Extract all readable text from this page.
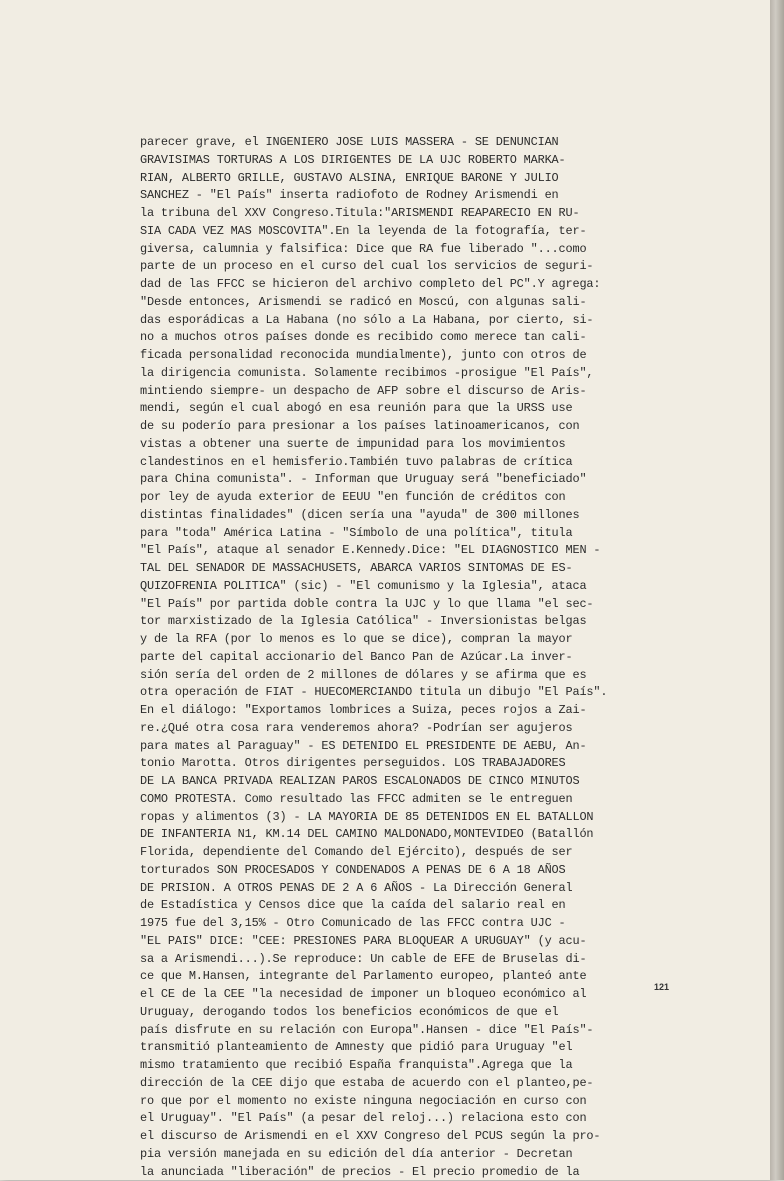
parecer grave, el INGENIERO JOSE LUIS MASSERA - SE DENUNCIAN
GRAVISIMAS TORTURAS A LOS DIRIGENTES DE LA UJC ROBERTO MARKA-
RIAN, ALBERTO GRILLE, GUSTAVO ALSINA, ENRIQUE BARONE Y JULIO
SANCHEZ - "El País" inserta radiofoto de Rodney Arismendi en
la tribuna del XXV Congreso.Titula:"ARISMENDI REAPARECIO EN RU-
SIA CADA VEZ MAS MOSCOVITA".En la leyenda de la fotografía, ter-
giversa, calumnia y falsifica: Dice que RA fue liberado "...como
parte de un proceso en el curso del cual los servicios de seguri-
dad de las FFCC se hicieron del archivo completo del PC".Y agrega:
"Desde entonces, Arismendi se radicó en Moscú, con algunas sali-
das esporádicas a La Habana (no sólo a La Habana, por cierto, si-
no a muchos otros países donde es recibido como merece tan cali-
ficada personalidad reconocida mundialmente), junto con otros de
la dirigencia comunista. Solamente recibimos -prosigue "El País",
mintiendo siempre- un despacho de AFP sobre el discurso de Aris-
mendi, según el cual abogó en esa reunión para que la URSS use
de su poderío para presionar a los países latinoamericanos, con
vistas a obtener una suerte de impunidad para los movimientos
clandestinos en el hemisferio.También tuvo palabras de crítica
para China comunista". - Informan que Uruguay será "beneficiado"
por ley de ayuda exterior de EEUU "en función de créditos con
distintas finalidades" (dicen sería una "ayuda" de 300 millones
para "toda" América Latina - "Símbolo de una política", titula
"El País", ataque al senador E.Kennedy.Dice: "EL DIAGNOSTICO MEN -
TAL DEL SENADOR DE MASSACHUSETS, ABARCA VARIOS SINTOMAS DE ES-
QUIZOFRENIA POLITICA" (sic) - "El comunismo y la Iglesia", ataca
"El País" por partida doble contra la UJC y lo que llama "el sec-
tor marxistizado de la Iglesia Católica" - Inversionistas belgas
y de la RFA (por lo menos es lo que se dice), compran la mayor
parte del capital accionario del Banco Pan de Azúcar.La inver-
sión sería del orden de 2 millones de dólares y se afirma que es
otra operación de FIAT - HUECOMERCIANDO titula un dibujo "El País".
En el diálogo: "Exportamos lombrices a Suiza, peces rojos a Zai-
re.¿Qué otra cosa rara venderemos ahora? -Podrían ser agujeros
para mates al Paraguay" - ES DETENIDO EL PRESIDENTE DE AEBU, An-
tonio Marotta. Otros dirigentes perseguidos. LOS TRABAJADORES
DE LA BANCA PRIVADA REALIZAN PAROS ESCALONADOS DE CINCO MINUTOS
COMO PROTESTA. Como resultado las FFCC admiten se le entreguen
ropas y alimentos (3) - LA MAYORIA DE 85 DETENIDOS EN EL BATALLON
DE INFANTERIA N1, KM.14 DEL CAMINO MALDONADO,MONTEVIDEO (Batallón
Florida, dependiente del Comando del Ejército), después de ser
torturados SON PROCESADOS Y CONDENADOS A PENAS DE 6 A 18 AÑOS
DE PRISION. A OTROS PENAS DE 2 A 6 AÑOS - La Dirección General
de Estadística y Censos dice que la caída del salario real en
1975 fue del 3,15% - Otro Comunicado de las FFCC contra UJC -
"EL PAIS" DICE: "CEE: PRESIONES PARA BLOQUEAR A URUGUAY" (y acu-
sa a Arismendi...).Se reproduce: Un cable de EFE de Bruselas di-
ce que M.Hansen, integrante del Parlamento europeo, planteó ante
el CE de la CEE "la necesidad de imponer un bloqueo económico al
Uruguay, derogando todos los beneficios económicos de que el
país disfrute en su relación con Europa".Hansen - dice "El País"-
transmitió planteamiento de Amnesty que pidió para Uruguay "el
mismo tratamiento que recibió España franquista".Agrega que la
dirección de la CEE dijo que estaba de acuerdo con el planteo,pe-
ro que por el momento no existe ninguna negociación en curso con
el Uruguay". "El País" (a pesar del reloj...) relaciona esto con
el discurso de Arismendi en el XXV Congreso del PCUS según la pro-
pia versión manejada en su edición del día anterior - Decretan
la anunciada "liberación" de precios - El precio promedio de la
121
